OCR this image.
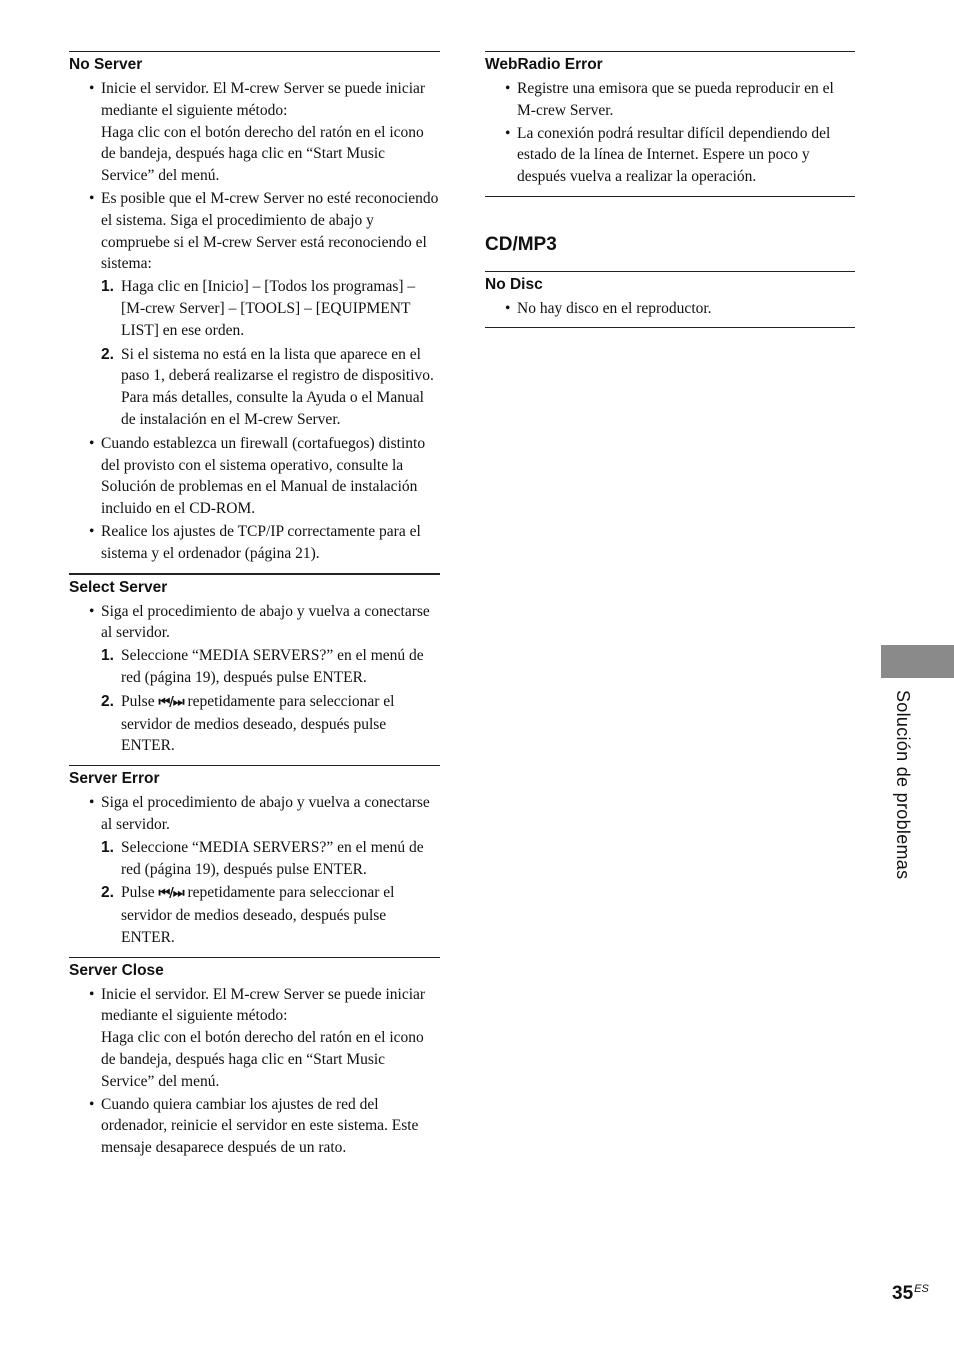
No Server

• Inicie el servidor. El M-crew Server se puede iniciar mediante el siguiente método:

Haga clic con el botón derecho del ratón en el icono de bandeja, después haga clic en “Start Music Service” del menú.

• Es posible que el M-crew Server no esté reconociendo el sistema. Siga el procedimiento de abajo y compruebe si el M-crew Server está reconociendo el sistema:

1. Haga clic en [Inicio] – [Todos los programas] – [M-crew Server] – [TOOLS] – [EQUIPMENT LIST] en ese orden.
2. Si el sistema no está en la lista que aparece en el paso 1, deberá realizarse el registro de dispositivo. Para más detalles, consulte la Ayuda o el Manual de instalación en el M-crew Server.

• Cuando establezca un firewall (cortafuegos) distinto del provisto con el sistema operativo, consulte la Solución de problemas en el Manual de instalación incluido en el CD-ROM.

• Realice los ajustes de TCP/IP correctamente para el sistema y el ordenador (página 21).

Select Server

• Siga el procedimiento de abajo y vuelva a conectarse al servidor.

1. Seleccione “MEDIA SERVERS?” en el menú de red (página 19), después pulse ENTER.
2. Pulse ⏮/⏭ repetidamente para seleccionar el servidor de medios deseado, después pulse ENTER.
Server Error

• Siga el procedimiento de abajo y vuelva a conectarse al servidor.

1. Seleccione “MEDIA SERVERS?” en el menú de red (página 19), después pulse ENTER.
2. Pulse ⏮/⏭ repetidamente para seleccionar el servidor de medios deseado, después pulse ENTER.
Server Close

• Inicie el servidor. El M-crew Server se puede iniciar mediante el siguiente método:

Haga clic con el botón derecho del ratón en el icono de bandeja, después haga clic en “Start Music Service” del menú.

• Cuando quiera cambiar los ajustes de red del ordenador, reinicie el servidor en este sistema. Este mensaje desaparece después de un rato.

WebRadio Error

• Registre una emisora que se pueda reproducir en el M-crew Server.

• La conexión podrá resultar difícil dependiendo del estado de la línea de Internet. Espere un poco y después vuelva a realizar la operación.

CD/MP3
No Disc

• No hay disco en el reproductor.

Solución de problemas
$35^{ES}$
